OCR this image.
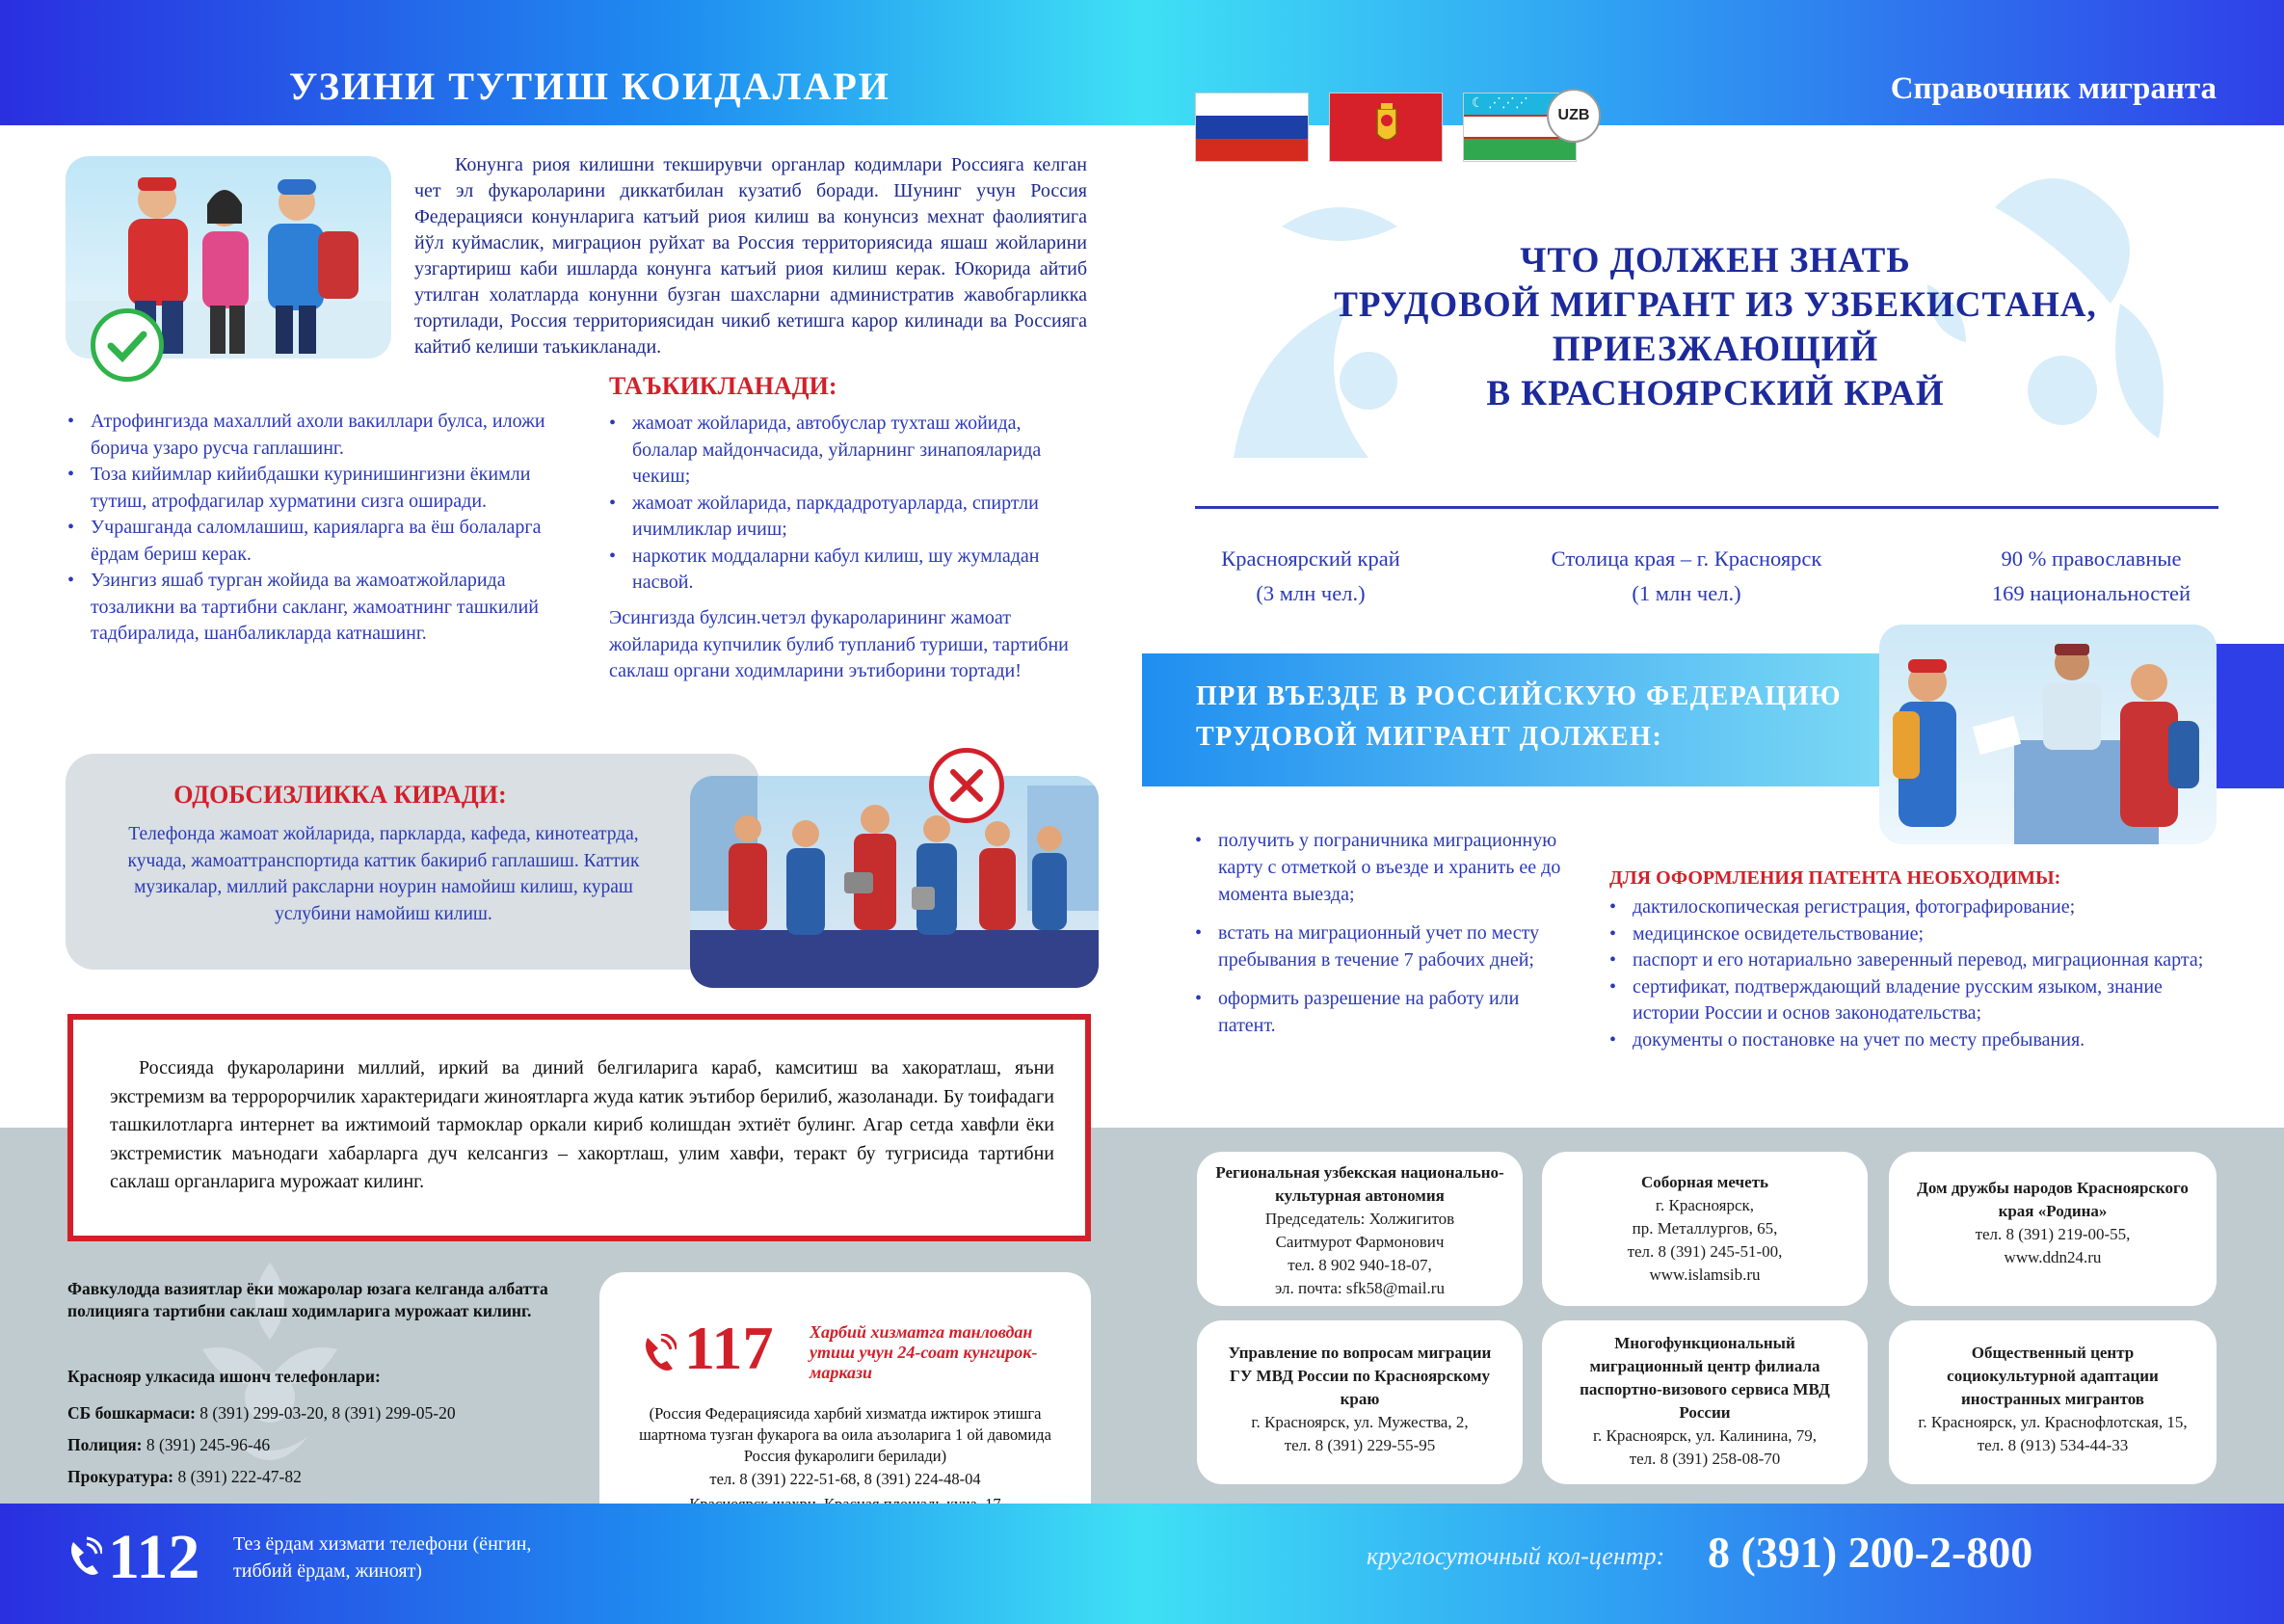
УЗИНИ ТУТИШ КОИДАЛАРИ	Справочник мигранта
☾ ⋰⋰⋰
UZB
Конунга риоя килишни текширувчи органлар кодимлари Россияга келган чет эл фукароларини диккатбилан кузатиб боради. Шунинг учун Россия Федерацияси конунларига катъий риоя килиш ва конунсиз мехнат фаолиятига йўл куймаслик, миграцион руйхат ва Россия территориясида яшаш жойларини узгартириш каби ишларда конунга катъий риоя килиш керак. Юкорида айтиб утилган холатларда конунни бузган шахсларни административ жавобгарликка тортилади, Россия территориясидан чикиб кетишга карор килинади ва Россияга кайтиб келиши таъкикланади.
• Атрофингизда махаллий ахоли вакиллари булса, иложи борича узаро русча гаплашинг.
• Тоза кийимлар кийибдашки куринишингизни ёкимли тутиш, атрофдагилар хурматини сизга оширади.
• Учрашганда саломлашиш, карияларга ва ёш болаларга ёрдам бериш керак.
• Узингиз яшаб турган жойида ва жамоатжойларида тозаликни ва тартибни сакланг, жамоатнинг ташкилий тадбиралида, шанбаликларда катнашинг.
ТАЪКИКЛАНАДИ:
• жамоат жойларида, автобуслар тухташ жойида, болалар майдончасида, уйларнинг зинапояларида чекиш;
• жамоат жойларида, паркдадротуарларда, спиртли ичимликлар ичиш;
• наркотик моддаларни кабул килиш, шу жумладан насвой.
Эсингизда булсин.четэл фукароларининг жамоат жойларида купчилик булиб тупланиб туриши, тартибни саклаш органи ходимларини эътиборини тортади!
ОДОБСИЗЛИККА КИРАДИ:
Телефонда жамоат жойларида, паркларда, кафеда, кинотеатрда, кучада, жамоаттранспортида каттик бакириб гаплашиш. Каттик музикалар, миллий раксларни ноурин намойиш килиш, кураш услубини намойиш килиш.
Россияда фукароларини миллий, иркий ва диний белгиларига караб, камситиш ва хакоратлаш, яъни экстремизм ва терророрчилик характеридаги жиноятларга жуда катик эътибор берилиб, жазоланади. Бу тоифадаги ташкилотларга интернет ва ижтимоий тармоклар оркали кириб колишдан эхтиёт булинг. Агар сетда хавфли ёки экстремистик маънодаги хабарларга дуч келсангиз – хакортлаш, улим хавфи, теракт бу тугрисида тартибни саклаш органларига мурожаат килинг.
Фавкулодда вазиятлар ёки можаролар юзага келганда албатта полицияга тартибни саклаш ходимларига мурожаат килинг.
Краснояр улкасида ишонч телефонлари:
СБ бошкармаси: 8 (391) 299-03-20, 8 (391) 299-05-20
Полиция: 8 (391) 245-96-46
Прокуратура: 8 (391) 222-47-82
117 Харбий хизматга танловдан утиш учун 24-соат кунгирок-маркази
(Россия Федерациясида харбий хизматда ижтирок этишга шартнома тузган фукарога ва оила аъзоларига 1 ой давомида Россия фукаролиги берилади)
тел. 8 (391) 222-51-68, 8 (391) 224-48-04
ЧТО ДОЛЖЕН ЗНАТЬ
ТРУДОВОЙ МИГРАНТ ИЗ УЗБЕКИСТАНА,
ПРИЕЗЖАЮЩИЙ
В КРАСНОЯРСКИЙ КРАЙ
Красноярский край
(3 млн чел.)
Столица края – г. Красноярск
(1 млн чел.)
90 % православные
169 национальностей
ПРИ ВЪЕЗДЕ В РОССИЙСКУЮ ФЕДЕРАЦИЮ
ТРУДОВОЙ МИГРАНТ ДОЛЖЕН:
• получить у пограничника миграционную карту с отметкой о въезде и хранить ее до момента выезда;
• встать на миграционный учет по месту пребывания в течение 7 рабочих дней;
• оформить разрешение на работу или патент.
ДЛЯ ОФОРМЛЕНИЯ ПАТЕНТА НЕОБХОДИМЫ:
• дактилоскопическая регистрация, фотографирование;
• медицинское освидетельствование;
• паспорт и его нотариально заверенный перевод, миграционная карта;
• сертификат, подтверждающий владение русским языком, знание истории России и основ законодательства;
• документы о постановке на учет по месту пребывания.
Региональная узбекская национально-культурная автономия
Председатель: Холжигитов
Саитмурот Фармонович
тел. 8 902 940-18-07,
эл. почта: sfk58@mail.ru
Соборная мечеть
г. Красноярск,
пр. Металлургов, 65,
тел. 8 (391) 245-51-00,
www.islamsib.ru
Дом дружбы народов Красноярского края «Родина»
тел. 8 (391) 219-00-55,
www.ddn24.ru
Управление по вопросам миграции ГУ МВД России по Красноярскому краю
г. Красноярск, ул. Мужества, 2,
тел. 8 (391) 229-55-95
Многофункциональный миграционный центр филиала паспортно-визового сервиса МВД России
г. Красноярск, ул. Калинина, 79,
тел. 8 (391) 258-08-70
Общественный центр социокультурной адаптации иностранных мигрантов
г. Красноярск, ул. Краснофлотская, 15,
тел. 8 (913) 534-44-33
112 Тез ёрдам хизмати телефони (ёнгин, тиббий ёрдам, жиноят)
круглосуточный кол-центр: 8 (391) 200-2-800
